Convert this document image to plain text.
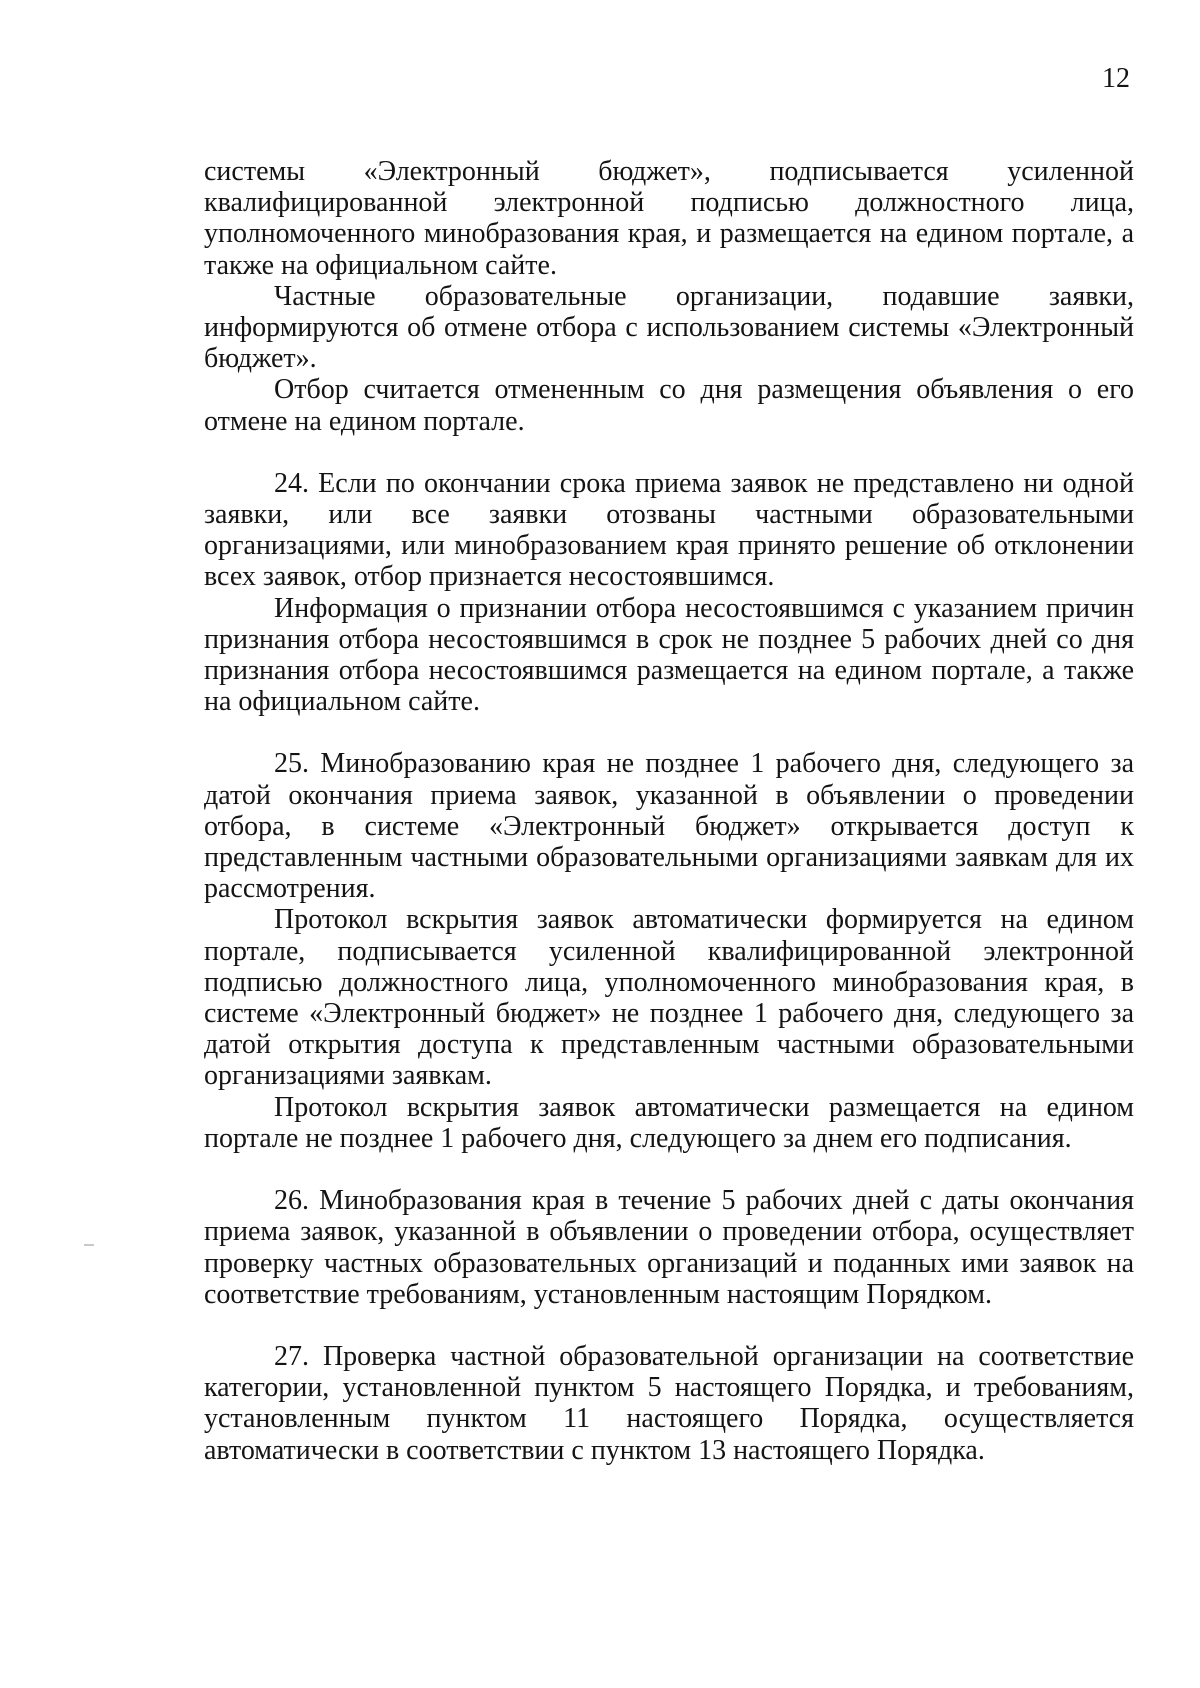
12

системы «Электронный бюджет», подписывается усиленной квалифицированной электронной подписью должностного лица, уполномоченного минобразования края, и размещается на едином портале, а также на официальном сайте.

Частные образовательные организации, подавшие заявки, информируются об отмене отбора с использованием системы «Электронный бюджет».

Отбор считается отмененным со дня размещения объявления о его отмене на едином портале.

24. Если по окончании срока приема заявок не представлено ни одной заявки, или все заявки отозваны частными образовательными организациями, или минобразованием края принято решение об отклонении всех заявок, отбор признается несостоявшимся.

Информация о признании отбора несостоявшимся с указанием причин признания отбора несостоявшимся в срок не позднее 5 рабочих дней со дня признания отбора несостоявшимся размещается на едином портале, а также на официальном сайте.

25. Минобразованию края не позднее 1 рабочего дня, следующего за датой окончания приема заявок, указанной в объявлении о проведении отбора, в системе «Электронный бюджет» открывается доступ к представленным частными образовательными организациями заявкам для их рассмотрения.

Протокол вскрытия заявок автоматически формируется на едином портале, подписывается усиленной квалифицированной электронной подписью должностного лица, уполномоченного минобразования края, в системе «Электронный бюджет» не позднее 1 рабочего дня, следующего за датой открытия доступа к представленным частными образовательными организациями заявкам.

Протокол вскрытия заявок автоматически размещается на едином портале не позднее 1 рабочего дня, следующего за днем его подписания.

26. Минобразования края в течение 5 рабочих дней с даты окончания приема заявок, указанной в объявлении о проведении отбора, осуществляет проверку частных образовательных организаций и поданных ими заявок на соответствие требованиям, установленным настоящим Порядком.

27. Проверка частной образовательной организации на соответствие категории, установленной пунктом 5 настоящего Порядка, и требованиям, установленным пунктом 11 настоящего Порядка, осуществляется автоматически в соответствии с пунктом 13 настоящего Порядка.
